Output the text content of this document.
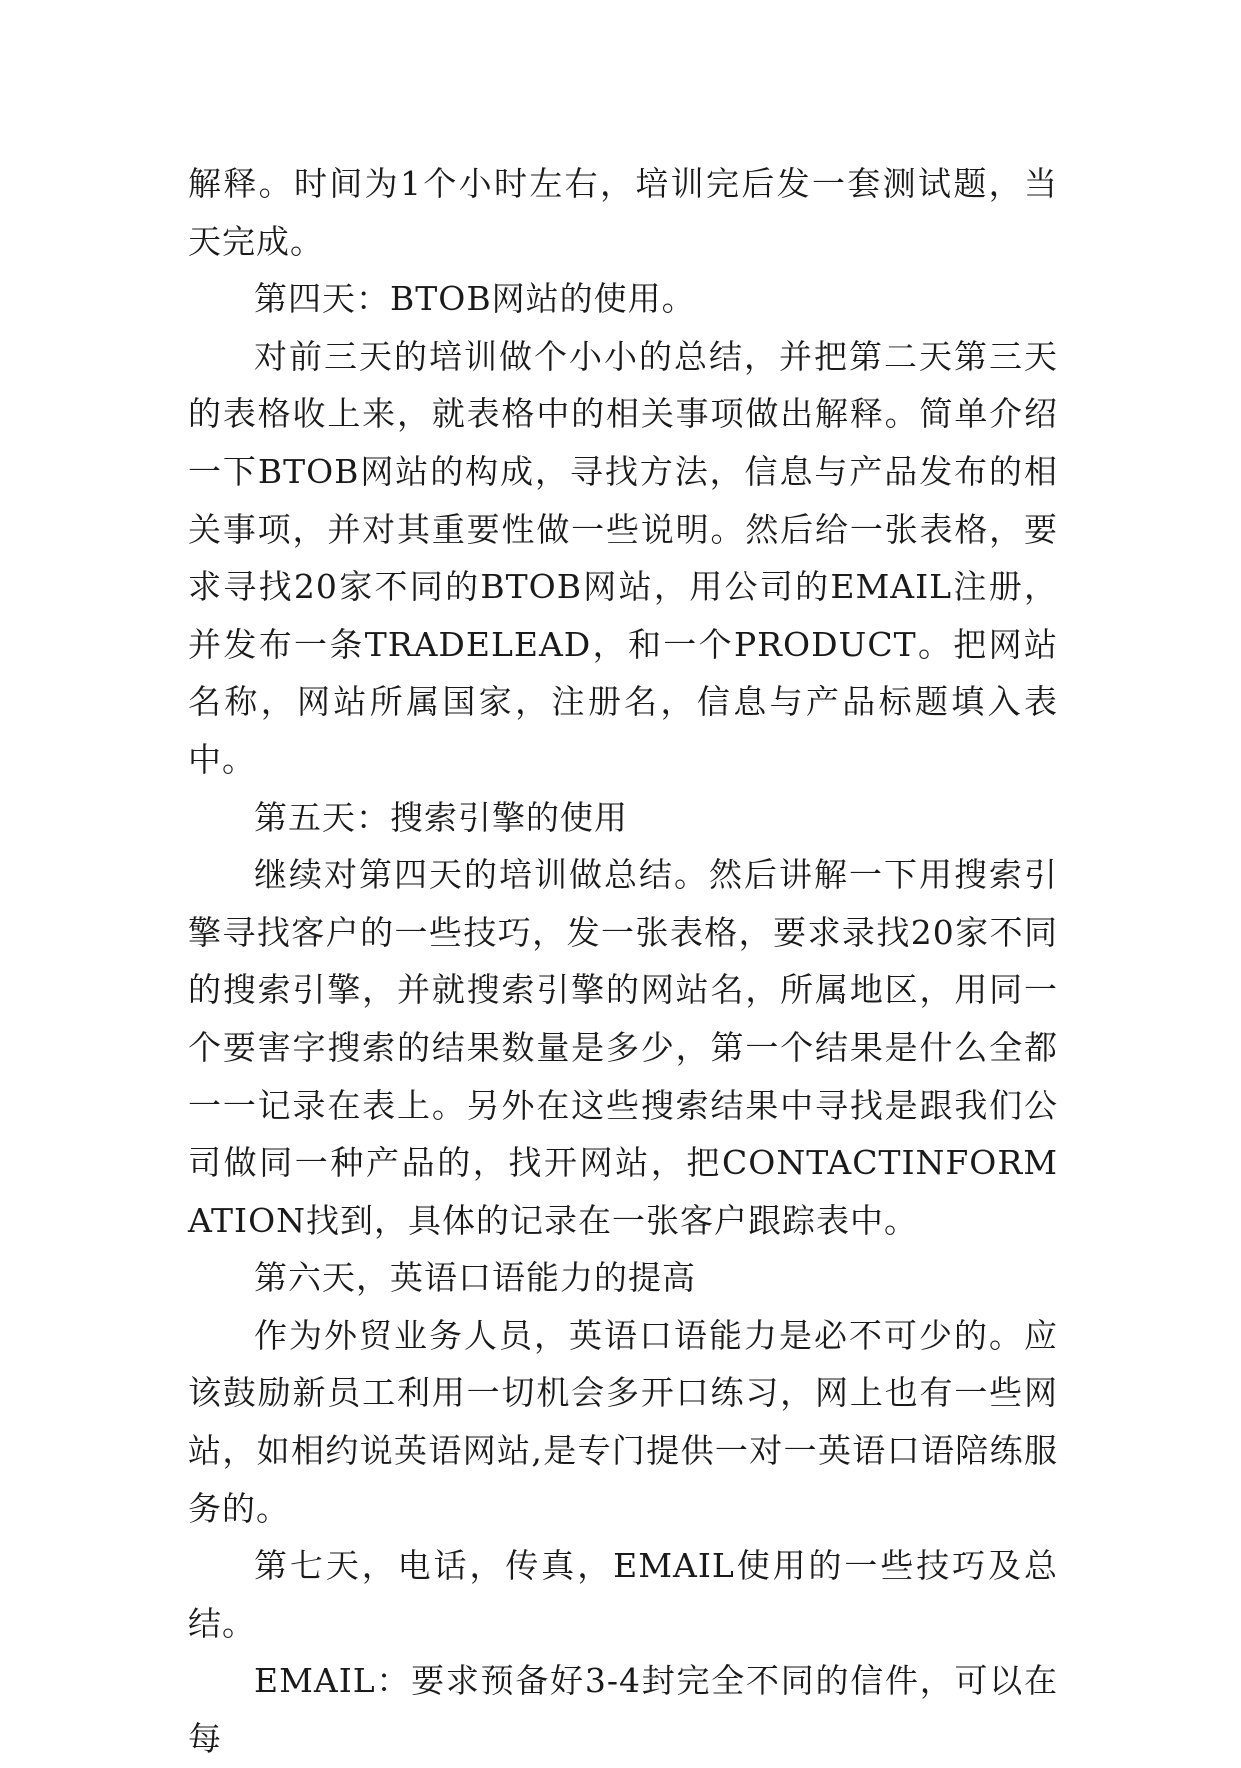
解释。时间为1个小时左右，培训完后发一套测试题，当天完成。

第四天：BTOB网站的使用。

对前三天的培训做个小小的总结，并把第二天第三天的表格收上来，就表格中的相关事项做出解释。简单介绍一下BTOB网站的构成，寻找方法，信息与产品发布的相关事项，并对其重要性做一些说明。然后给一张表格，要求寻找20家不同的BTOB网站，用公司的EMAIL注册，并发布一条TRADELEAD，和一个PRODUCT。把网站名称，网站所属国家，注册名，信息与产品标题填入表中。

第五天：搜索引擎的使用

继续对第四天的培训做总结。然后讲解一下用搜索引擎寻找客户的一些技巧，发一张表格，要求录找20家不同的搜索引擎，并就搜索引擎的网站名，所属地区，用同一个要害字搜索的结果数量是多少，第一个结果是什么全都一一记录在表上。另外在这些搜索结果中寻找是跟我们公司做同一种产品的，找开网站，把CONTACTINFORMATION找到，具体的记录在一张客户跟踪表中。

第六天，英语口语能力的提高

作为外贸业务人员，英语口语能力是必不可少的。应该鼓励新员工利用一切机会多开口练习，网上也有一些网站，如相约说英语网站,是专门提供一对一英语口语陪练服务的。

第七天，电话，传真，EMAIL使用的一些技巧及总结。

EMAIL：要求预备好3-4封完全不同的信件，可以在每
